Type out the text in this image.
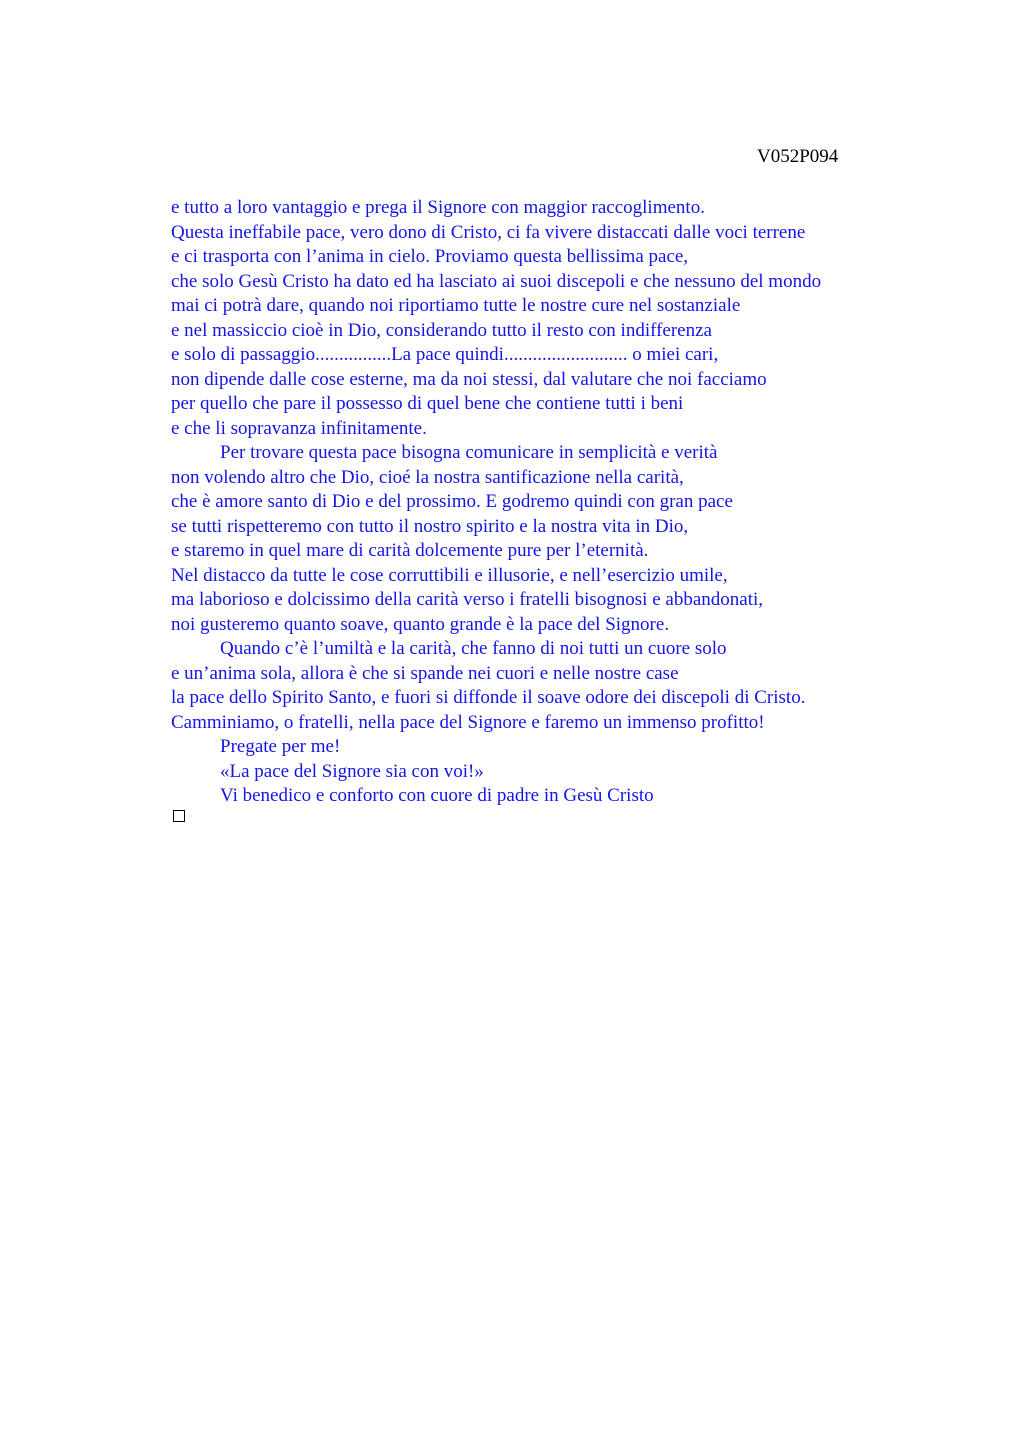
V052P094
e tutto a loro vantaggio e prega il Signore con maggior raccoglimento.
Questa ineffabile pace, vero dono di Cristo, ci fa vivere distaccati dalle voci terrene
e ci trasporta con l’anima in cielo. Proviamo questa bellissima pace,
che solo Gesù Cristo ha dato ed ha lasciato ai suoi discepoli e che nessuno del mondo
mai ci potrà dare, quando noi riportiamo tutte le nostre cure nel sostanziale
e nel massiccio cioè in Dio, considerando tutto il resto con indifferenza
e solo di passaggio................La pace quindi.......................... o miei cari,
non dipende dalle cose esterne, ma da noi stessi, dal valutare che noi facciamo
per quello che pare il possesso di quel bene che contiene tutti i beni
e che li sopravanza infinitamente.
Per trovare questa pace bisogna comunicare in semplicità e verità
non volendo altro che Dio, cioé la nostra santificazione nella carità,
che è amore santo di Dio e del prossimo. E godremo quindi con gran pace
se tutti rispetteremo con tutto il nostro spirito e la nostra vita in Dio,
e staremo in quel mare di carità dolcemente pure per l’eternità.
Nel distacco da tutte le cose corruttibili e illusorie, e nell’esercizio umile,
ma laborioso e dolcissimo della carità verso i fratelli bisognosi e abbandonati,
noi gusteremo quanto soave, quanto grande è la pace del Signore.
Quando c’è l’umiltà e la carità, che fanno di noi tutti un cuore solo
e un’anima sola, allora è che si spande nei cuori e nelle nostre case
la pace dello Spirito Santo, e fuori si diffonde il soave odore dei discepoli di Cristo.
Camminiamo, o fratelli, nella pace del Signore e faremo un immenso profitto!
Pregate per me!
«La pace del Signore sia con voi!»
Vi benedico e conforto con cuore di padre in Gesù Cristo
